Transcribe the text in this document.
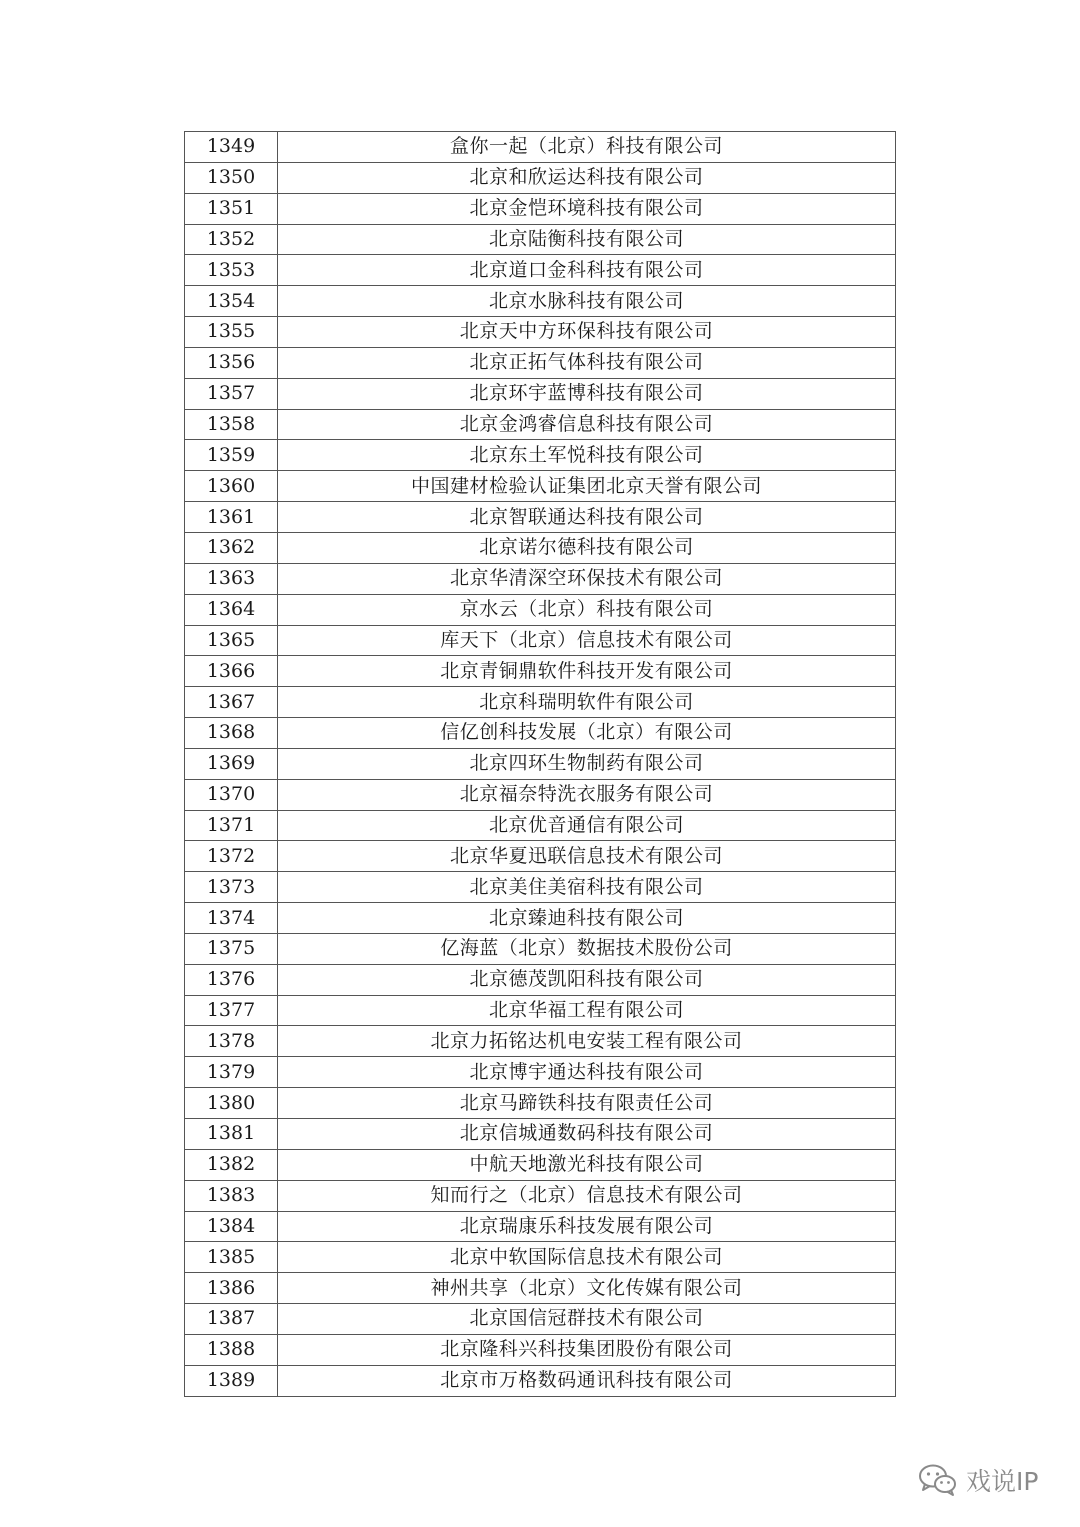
1349	盒你一起（北京）科技有限公司
1350	北京和欣运达科技有限公司
1351	北京金恺环境科技有限公司
1352	北京陆衡科技有限公司
1353	北京道口金科科技有限公司
1354	北京水脉科技有限公司
1355	北京天中方环保科技有限公司
1356	北京正拓气体科技有限公司
1357	北京环宇蓝博科技有限公司
1358	北京金鸿睿信息科技有限公司
1359	北京东土军悦科技有限公司
1360	中国建材检验认证集团北京天誉有限公司
1361	北京智联通达科技有限公司
1362	北京诺尔德科技有限公司
1363	北京华清深空环保技术有限公司
1364	京水云（北京）科技有限公司
1365	库天下（北京）信息技术有限公司
1366	北京青铜鼎软件科技开发有限公司
1367	北京科瑞明软件有限公司
1368	信亿创科技发展（北京）有限公司
1369	北京四环生物制药有限公司
1370	北京福奈特洗衣服务有限公司
1371	北京优音通信有限公司
1372	北京华夏迅联信息技术有限公司
1373	北京美住美宿科技有限公司
1374	北京臻迪科技有限公司
1375	亿海蓝（北京）数据技术股份公司
1376	北京德茂凯阳科技有限公司
1377	北京华福工程有限公司
1378	北京力拓铭达机电安装工程有限公司
1379	北京博宇通达科技有限公司
1380	北京马蹄铁科技有限责任公司
1381	北京信城通数码科技有限公司
1382	中航天地激光科技有限公司
1383	知而行之（北京）信息技术有限公司
1384	北京瑞康乐科技发展有限公司
1385	北京中软国际信息技术有限公司
1386	神州共享（北京）文化传媒有限公司
1387	北京国信冠群技术有限公司
1388	北京隆科兴科技集团股份有限公司
1389	北京市万格数码通讯科技有限公司
戏说IP
